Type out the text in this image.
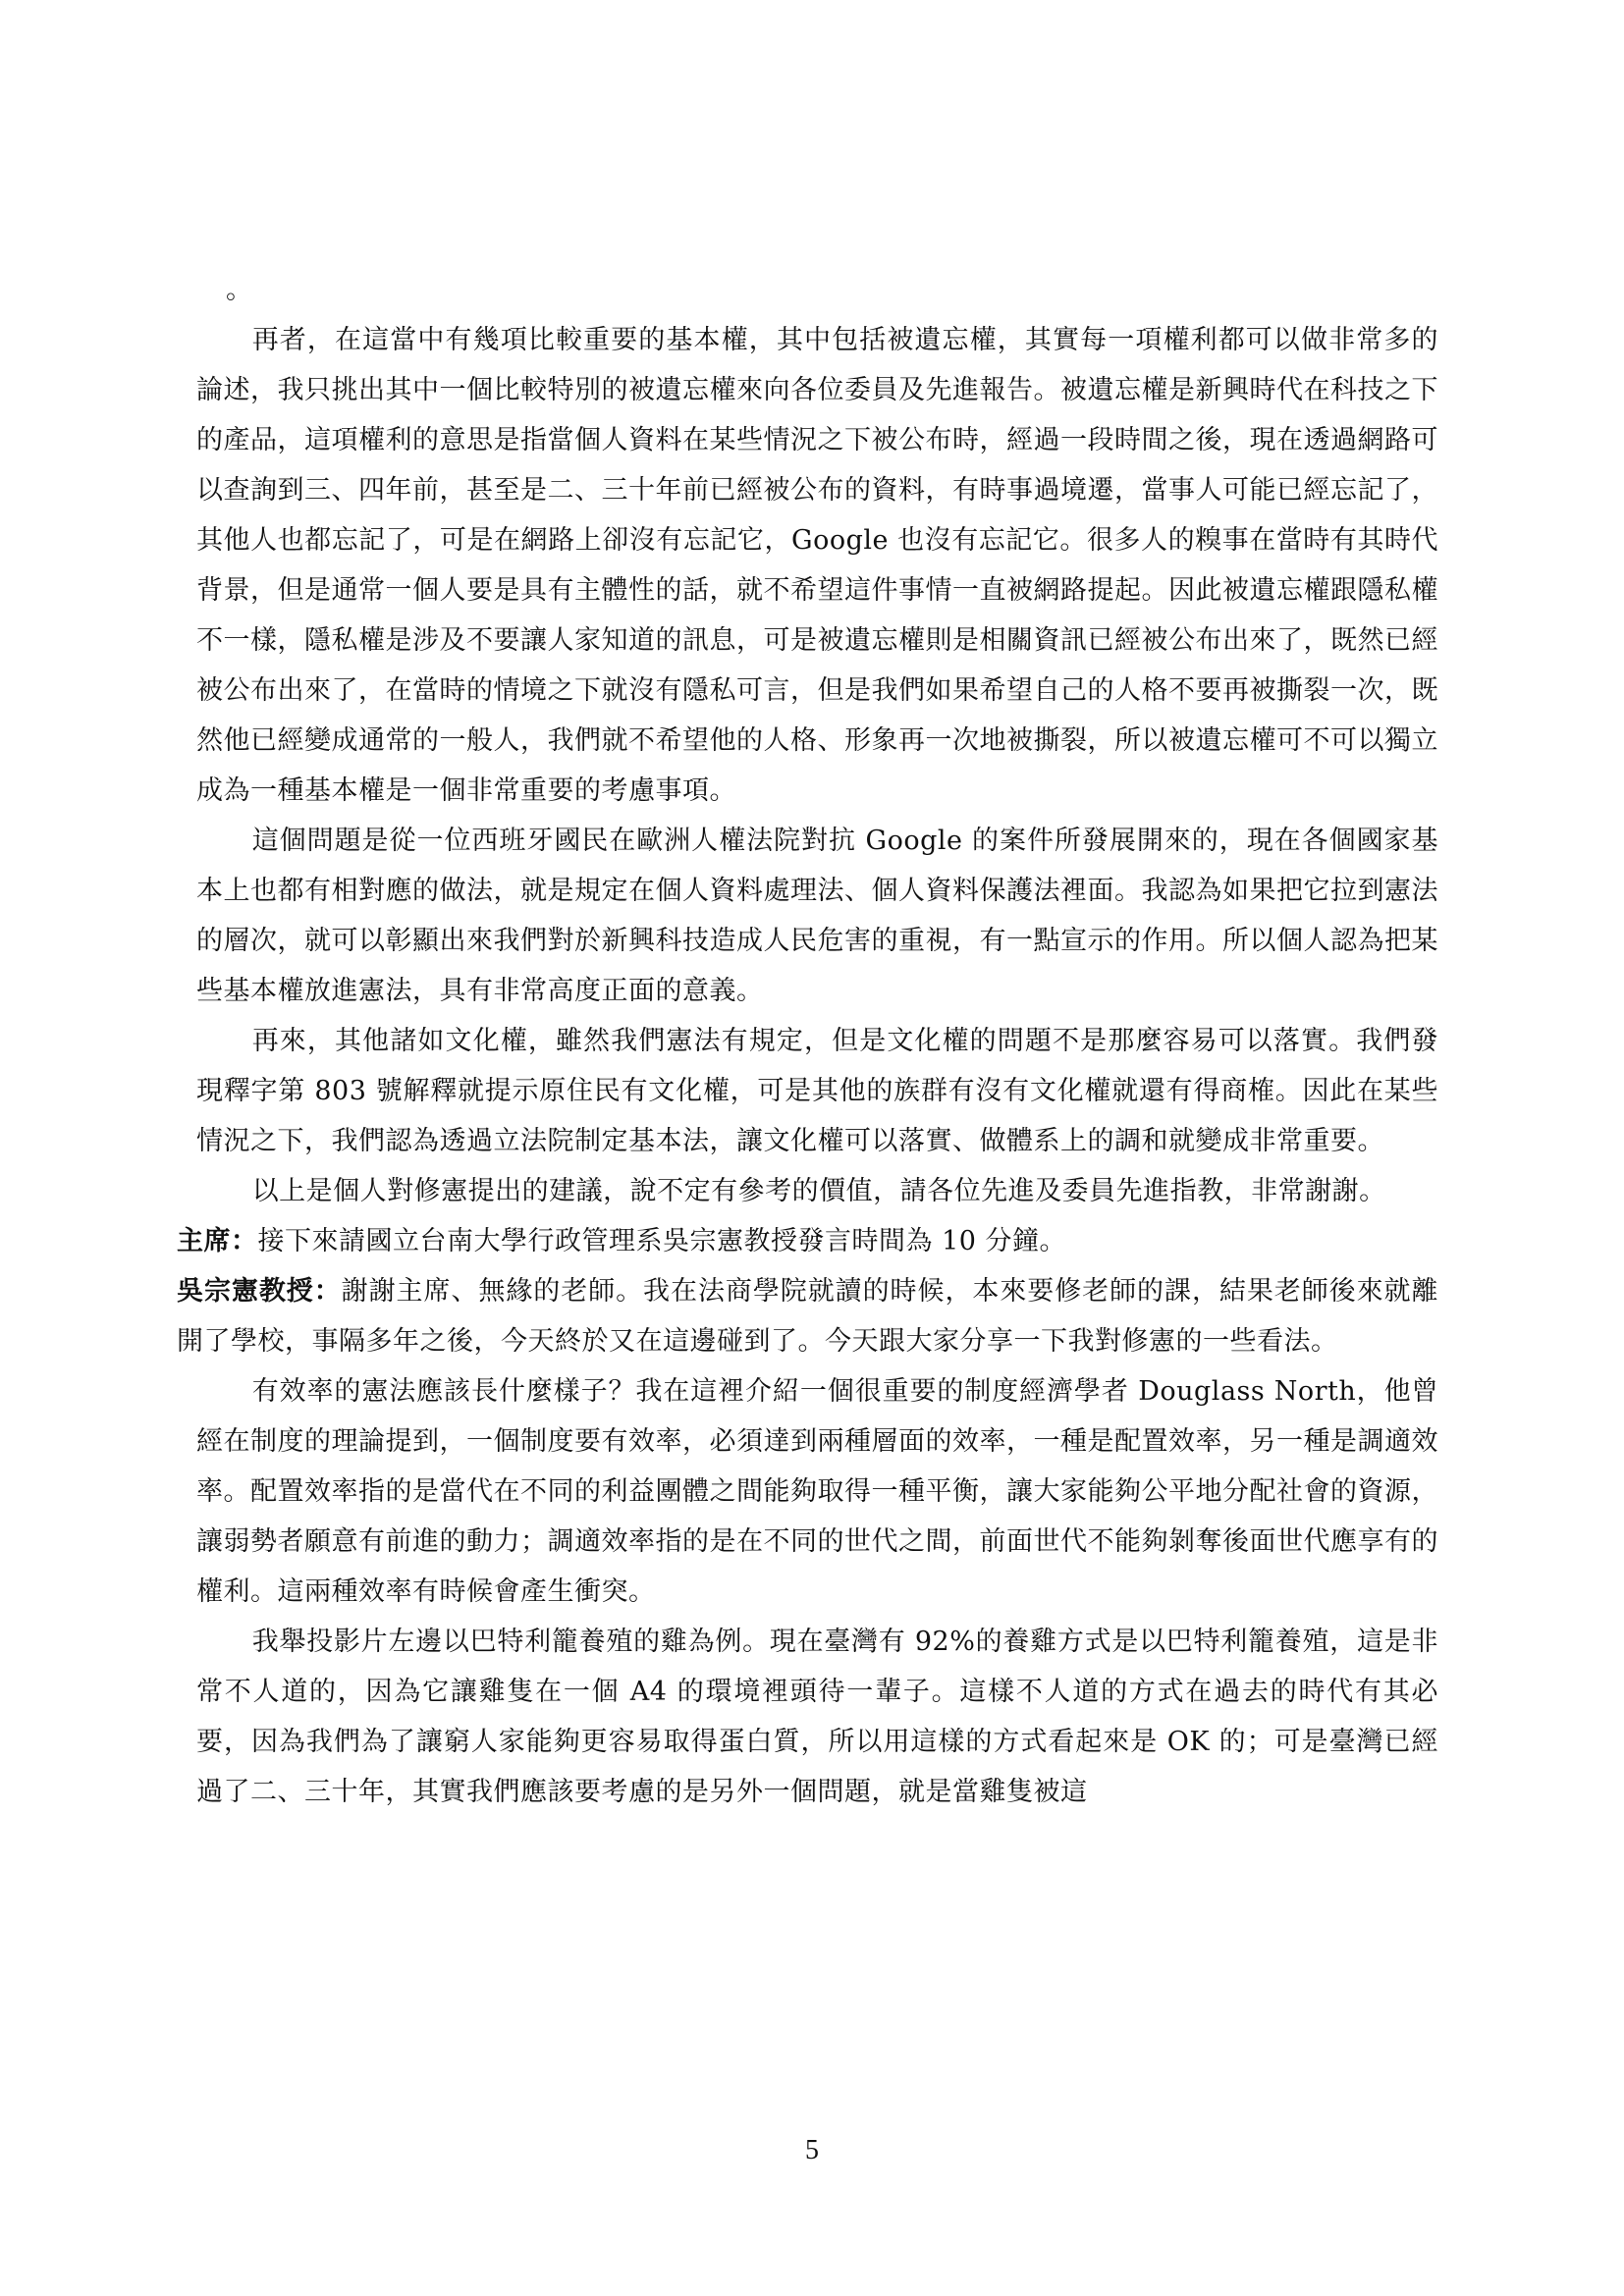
。

再者，在這當中有幾項比較重要的基本權，其中包括被遺忘權，其實每一項權利都可以做非常多的論述，我只挑出其中一個比較特別的被遺忘權來向各位委員及先進報告。被遺忘權是新興時代在科技之下的產品，這項權利的意思是指當個人資料在某些情況之下被公布時，經過一段時間之後，現在透過網路可以查詢到三、四年前，甚至是二、三十年前已經被公布的資料，有時事過境遷，當事人可能已經忘記了，其他人也都忘記了，可是在網路上卻沒有忘記它，Google 也沒有忘記它。很多人的糗事在當時有其時代背景，但是通常一個人要是具有主體性的話，就不希望這件事情一直被網路提起。因此被遺忘權跟隱私權不一樣，隱私權是涉及不要讓人家知道的訊息，可是被遺忘權則是相關資訊已經被公布出來了，既然已經被公布出來了，在當時的情境之下就沒有隱私可言，但是我們如果希望自己的人格不要再被撕裂一次，既然他已經變成通常的一般人，我們就不希望他的人格、形象再一次地被撕裂，所以被遺忘權可不可以獨立成為一種基本權是一個非常重要的考慮事項。

這個問題是從一位西班牙國民在歐洲人權法院對抗 Google 的案件所發展開來的，現在各個國家基本上也都有相對應的做法，就是規定在個人資料處理法、個人資料保護法裡面。我認為如果把它拉到憲法的層次，就可以彰顯出來我們對於新興科技造成人民危害的重視，有一點宣示的作用。所以個人認為把某些基本權放進憲法，具有非常高度正面的意義。

再來，其他諸如文化權，雖然我們憲法有規定，但是文化權的問題不是那麼容易可以落實。我們發現釋字第 803 號解釋就提示原住民有文化權，可是其他的族群有沒有文化權就還有得商榷。因此在某些情況之下，我們認為透過立法院制定基本法，讓文化權可以落實、做體系上的調和就變成非常重要。

以上是個人對修憲提出的建議，說不定有參考的價值，請各位先進及委員先進指教，非常謝謝。

主席：接下來請國立台南大學行政管理系吳宗憲教授發言時間為 10 分鐘。

吳宗憲教授：謝謝主席、無緣的老師。我在法商學院就讀的時候，本來要修老師的課，結果老師後來就離開了學校，事隔多年之後，今天終於又在這邊碰到了。今天跟大家分享一下我對修憲的一些看法。

有效率的憲法應該長什麼樣子？我在這裡介紹一個很重要的制度經濟學者 Douglass North，他曾經在制度的理論提到，一個制度要有效率，必須達到兩種層面的效率，一種是配置效率，另一種是調適效率。配置效率指的是當代在不同的利益團體之間能夠取得一種平衡，讓大家能夠公平地分配社會的資源，讓弱勢者願意有前進的動力；調適效率指的是在不同的世代之間，前面世代不能夠剝奪後面世代應享有的權利。這兩種效率有時候會產生衝突。

我舉投影片左邊以巴特利籠養殖的雞為例。現在臺灣有 92%的養雞方式是以巴特利籠養殖，這是非常不人道的，因為它讓雞隻在一個 A4 的環境裡頭待一輩子。這樣不人道的方式在過去的時代有其必要，因為我們為了讓窮人家能夠更容易取得蛋白質，所以用這樣的方式看起來是 OK 的；可是臺灣已經過了二、三十年，其實我們應該要考慮的是另外一個問題，就是當雞隻被這

5
